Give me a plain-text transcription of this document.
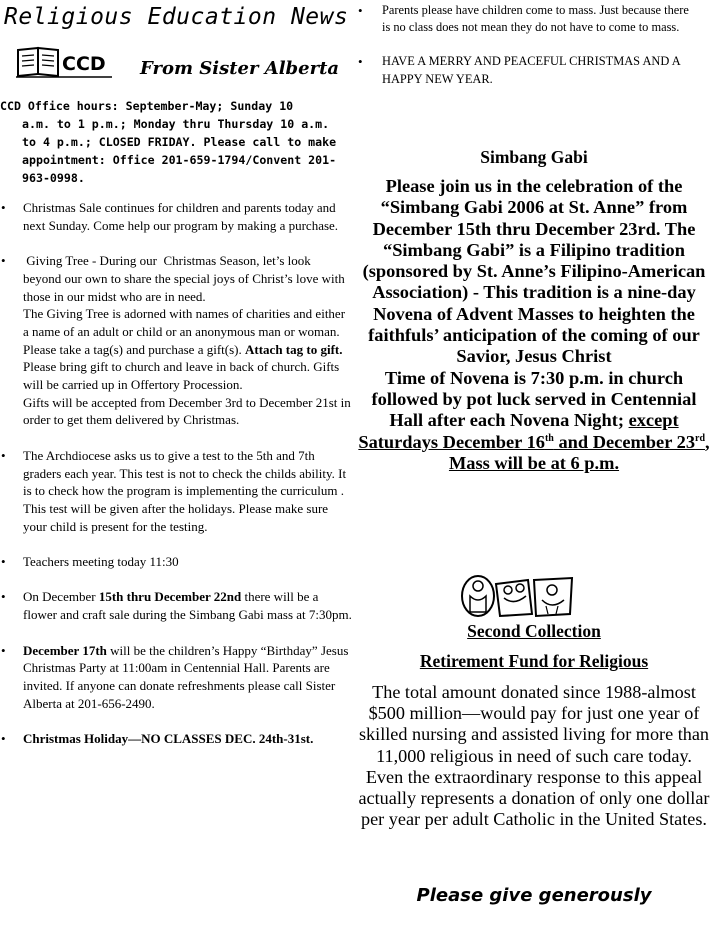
Religious Education News
CCD From Sister Alberta
CCD Office hours: September-May; Sunday 10
a.m. to 1 p.m.; Monday thru Thursday 10 a.m. to 4 p.m.; CLOSED FRIDAY. Please call to make appointment: Office 201-659-1794/Convent 201-963-0998.
• Christmas Sale continues for children and parents today and next Sunday. Come help our program by making a purchase.

•  Giving Tree - During our  Christmas Season, let’s look beyond our own to share the special joys of Christ’s love with those in our midst who are in need.

The Giving Tree is adorned with names of charities and either a name of an adult or child or an anonymous man or woman. Please take a tag(s) and purchase a gift(s). Attach tag to gift.

Please bring gift to church and leave in back of church. Gifts will be carried up in Offertory Procession.

Gifts will be accepted from December 3rd to December 21st in order to get them delivered by Christmas.

• The Archdiocese asks us to give a test to the 5th and 7th graders each year. This test is not to check the childs ability. It is to check how the program is implementing the curriculum . This test will be given after the holidays. Please make sure your child is present for the testing.
• Teachers meeting today 11:30
• On December 15th thru December 22nd there will be a flower and craft sale during the Simbang Gabi mass at 7:30pm.
• December 17th will be the children’s Happy “Birthday” Jesus Christmas Party at 11:00am in Centennial Hall. Parents are invited. If anyone can donate refreshments please call Sister Alberta at 201-656-2490.
• Christmas Holiday—NO CLASSES DEC. 24th-31st.
• Parents please have children come to mass. Just because there is no class does not mean they do not have to come to mass.
• HAVE A MERRY AND PEACEFUL CHRISTMAS AND A HAPPY NEW YEAR.
Simbang Gabi
Please join us in the celebration of the “Simbang Gabi 2006 at St. Anne” from December 15th thru December 23rd. The “Simbang Gabi” is a Filipino tradition (sponsored by St. Anne’s Filipino-American Association) - This tradition is a nine-day Novena of Advent Masses to heighten the faithfuls’ anticipation of the coming of our Savior, Jesus Christ
Time of Novena is 7:30 p.m. in church followed by pot luck served in Centennial Hall after each Novena Night; except Saturdays December 16th and December 23rd, Mass will be at 6 p.m.
Second Collection
Retirement Fund for Religious
The total amount donated since 1988-almost $500 million—would pay for just one year of skilled nursing and assisted living for more than 11,000 religious in need of such care today. Even the extraordinary response to this appeal actually represents a donation of only one dollar per year per adult Catholic in the United States.
Please give generously
